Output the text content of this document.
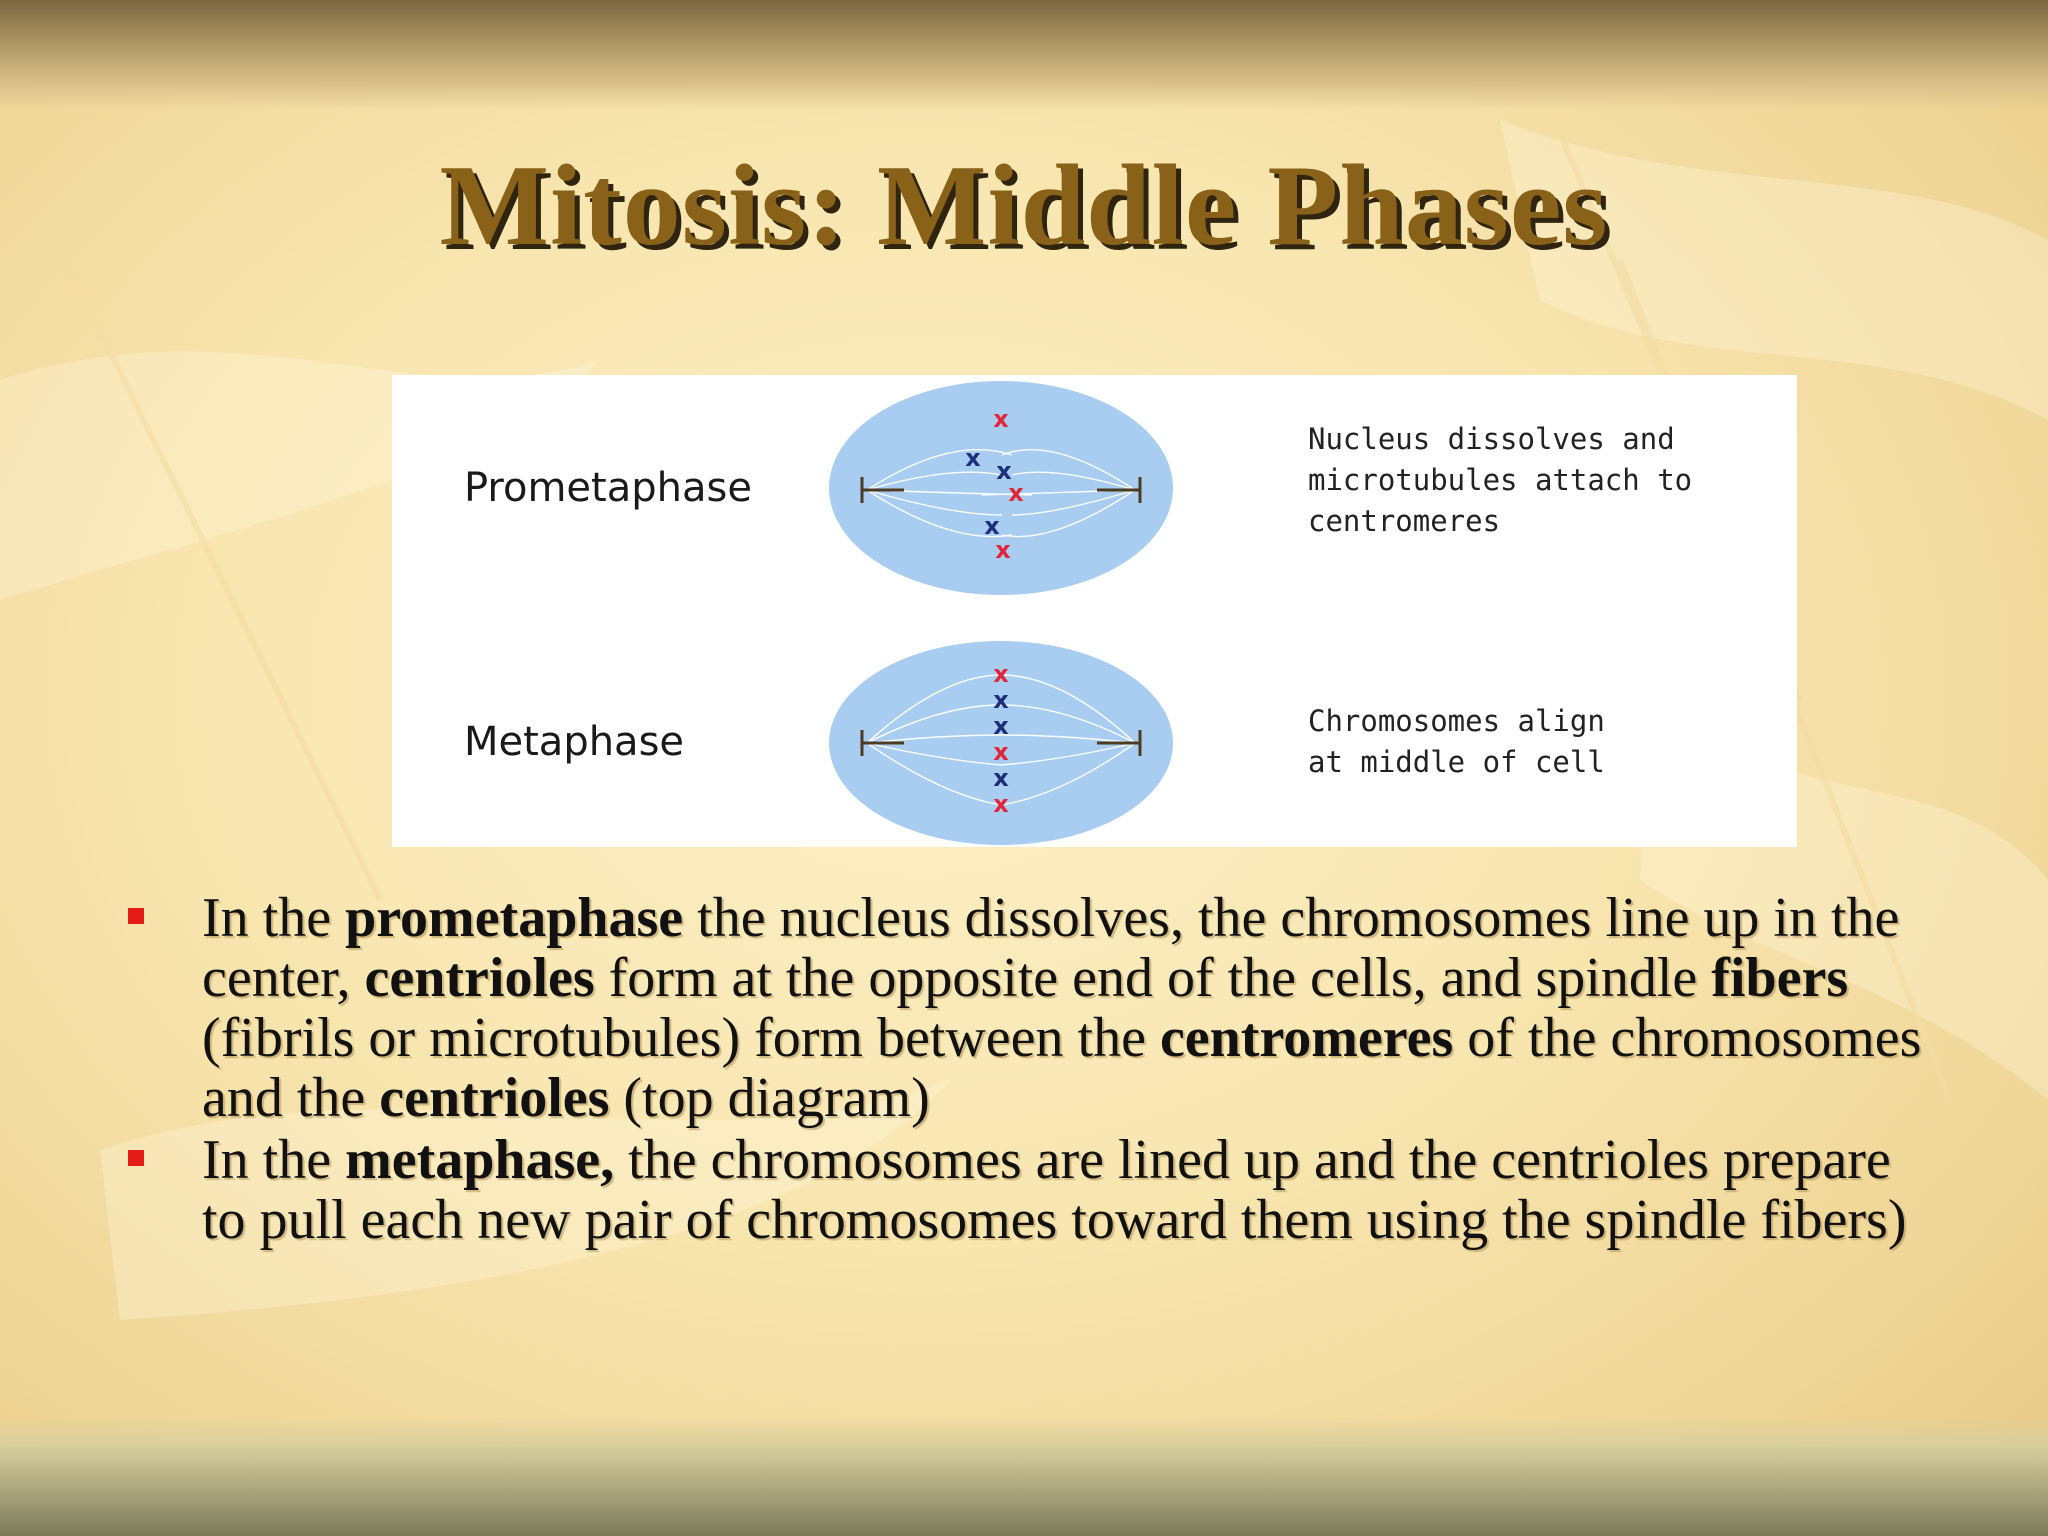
Mitosis: Middle Phases
x
x x
x
x
x
x
x
x
x
x
x
Prometaphase
Nucleus dissolves and
microtubules attach to
centromeres
Metaphase	Chromosomes align
at middle of cell
In the prometaphase the nucleus dissolves, the chromosomes line up in the center, centrioles form at the opposite end of the cells, and spindle fibers (fibrils or microtubules) form between the centromeres of the chromosomes and the centrioles (top diagram)
In the metaphase, the chromosomes are lined up and the centrioles prepare to pull each new pair of chromosomes toward them using the spindle fibers)
